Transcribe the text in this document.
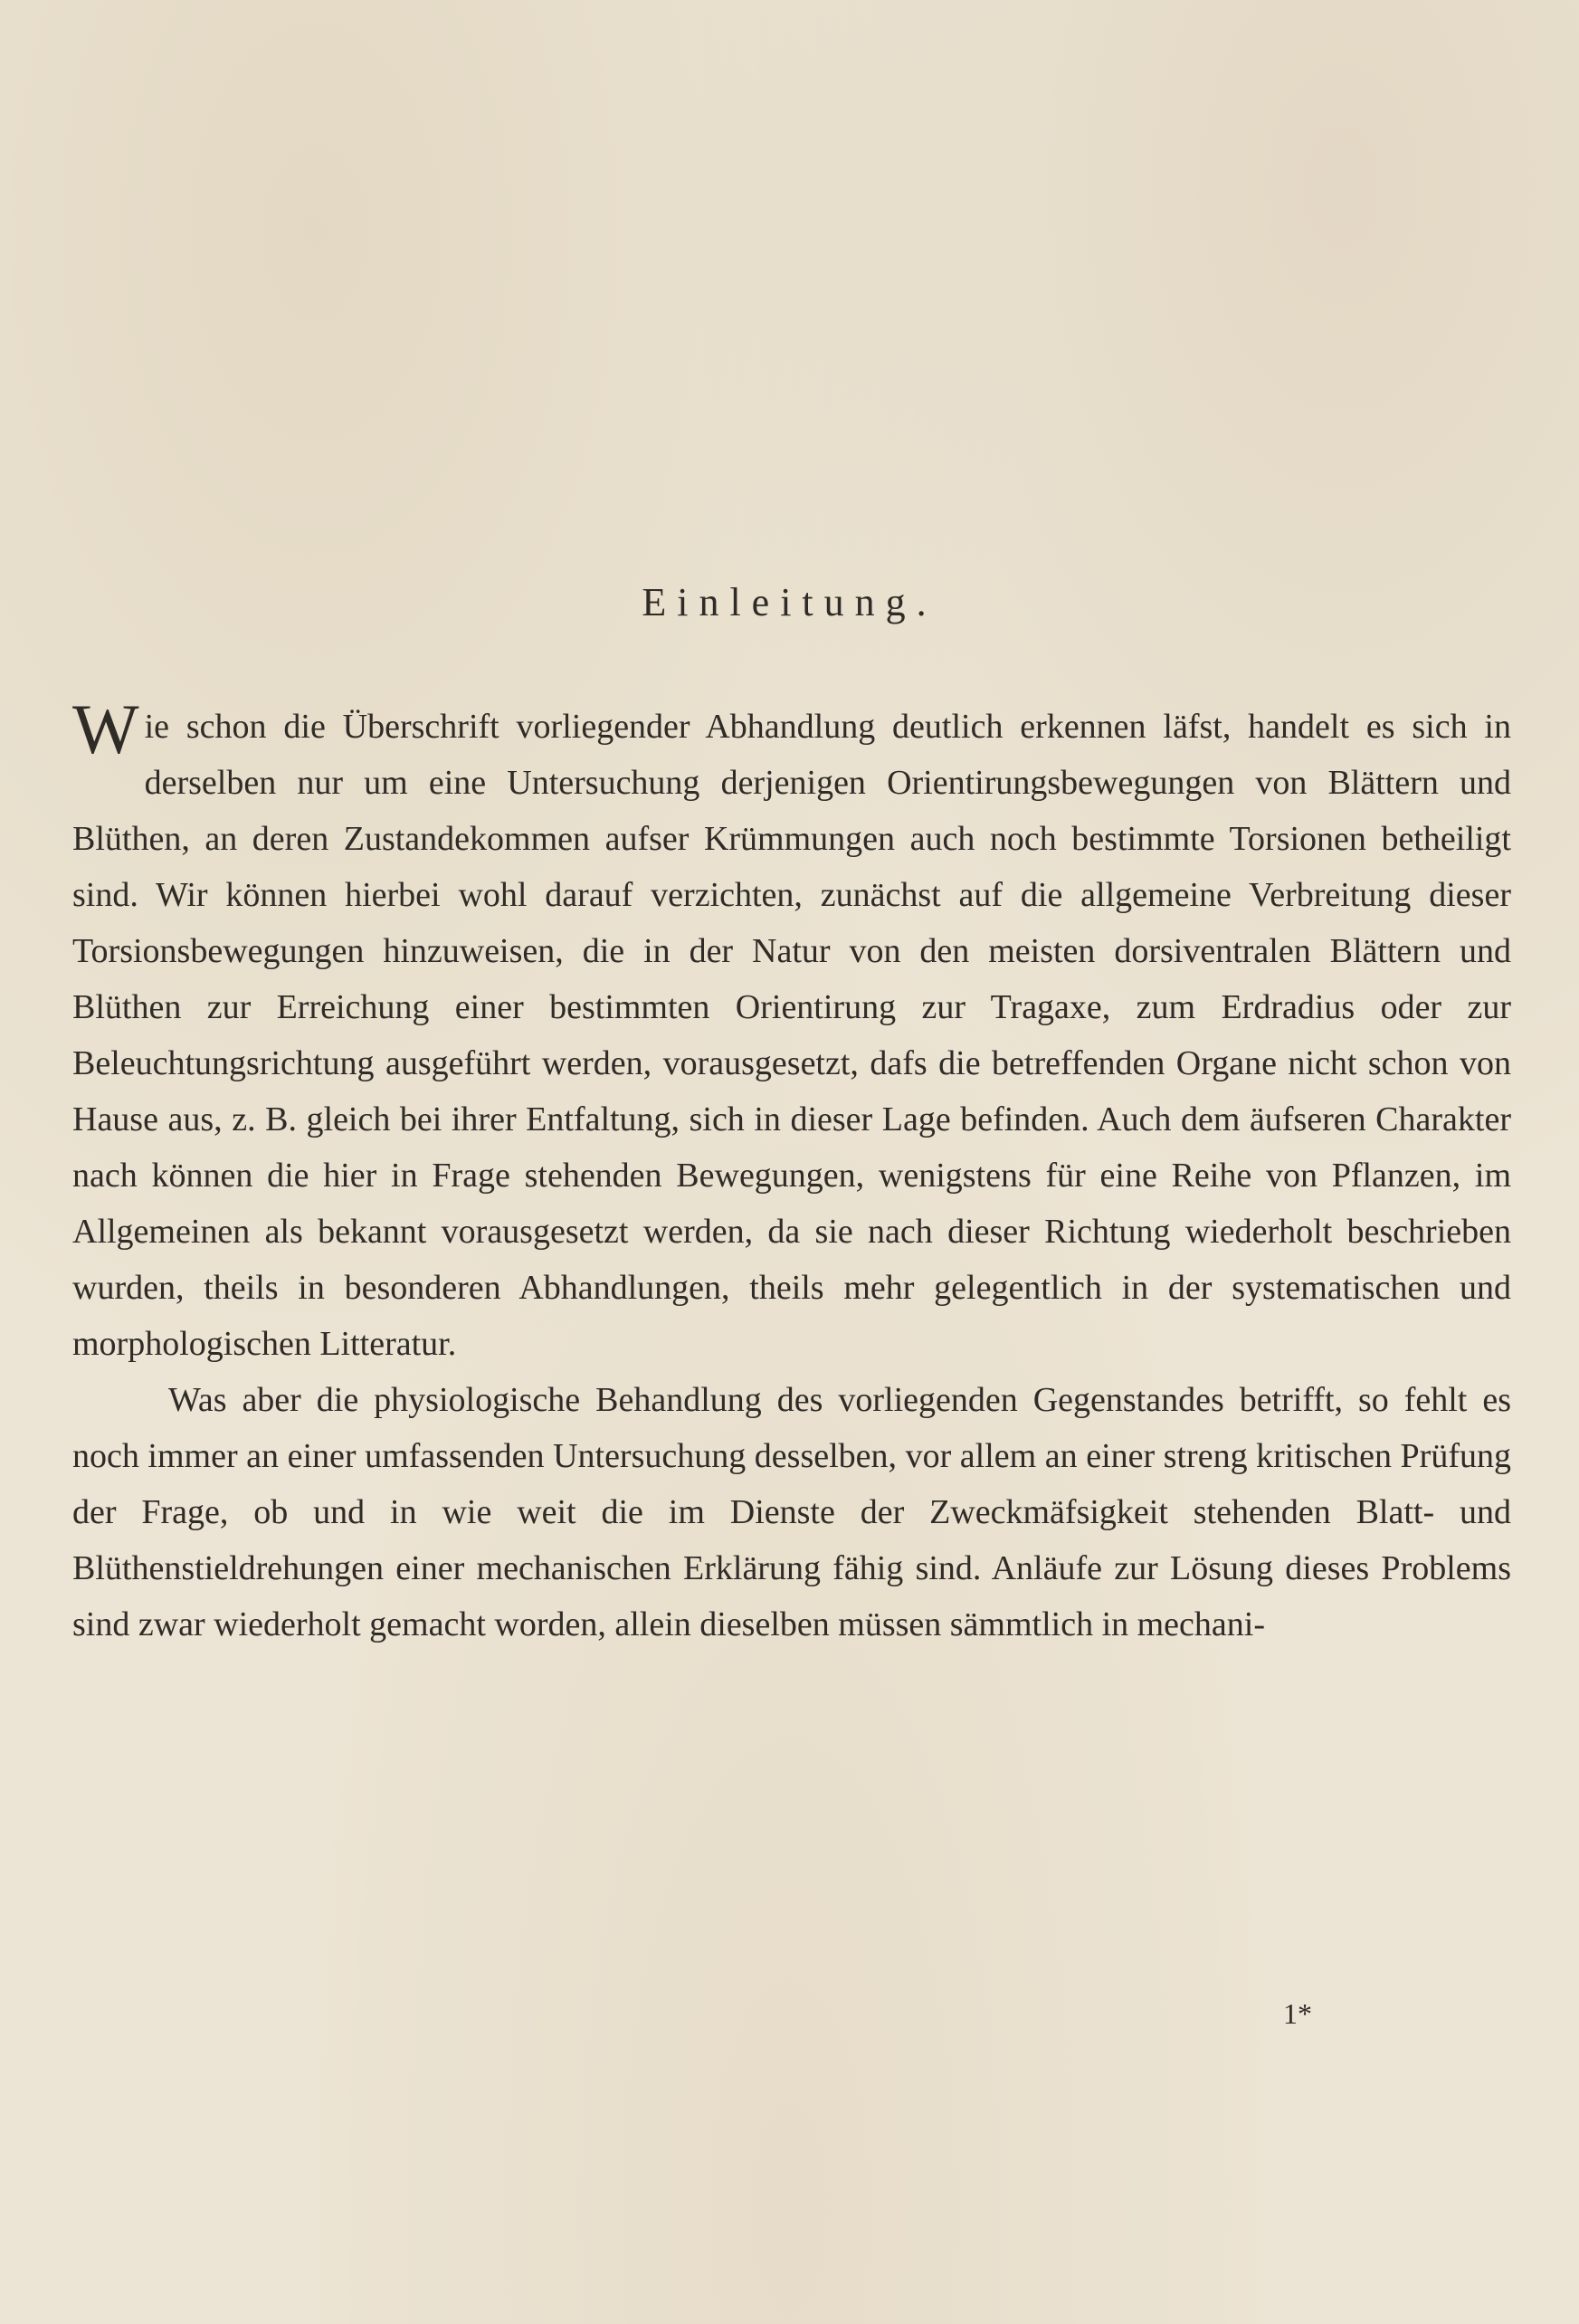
Einleitung.

Wie schon die Überschrift vorliegender Abhandlung deutlich erkennen läfst, handelt es sich in derselben nur um eine Untersuchung derjenigen Orientirungsbewegungen von Blättern und Blüthen, an deren Zustandekommen aufser Krümmungen auch noch bestimmte Torsionen betheiligt sind. Wir können hierbei wohl darauf verzichten, zunächst auf die allgemeine Verbreitung dieser Torsionsbewegungen hinzuweisen, die in der Natur von den meisten dorsiventralen Blättern und Blüthen zur Erreichung einer bestimmten Orientirung zur Tragaxe, zum Erdradius oder zur Beleuchtungsrichtung ausgeführt werden, vorausgesetzt, dafs die betreffenden Organe nicht schon von Hause aus, z. B. gleich bei ihrer Entfaltung, sich in dieser Lage befinden. Auch dem äufseren Charakter nach können die hier in Frage stehenden Bewegungen, wenigstens für eine Reihe von Pflanzen, im Allgemeinen als bekannt vorausgesetzt werden, da sie nach dieser Richtung wiederholt beschrieben wurden, theils in besonderen Abhandlungen, theils mehr gelegentlich in der systematischen und morphologischen Litteratur.

Was aber die physiologische Behandlung des vorliegenden Gegenstandes betrifft, so fehlt es noch immer an einer umfassenden Untersuchung desselben, vor allem an einer streng kritischen Prüfung der Frage, ob und in wie weit die im Dienste der Zweckmäfsigkeit stehenden Blatt- und Blüthenstieldrehungen einer mechanischen Erklärung fähig sind. Anläufe zur Lösung dieses Problems sind zwar wiederholt gemacht worden, allein dieselben müssen sämmtlich in mechani-

1*
